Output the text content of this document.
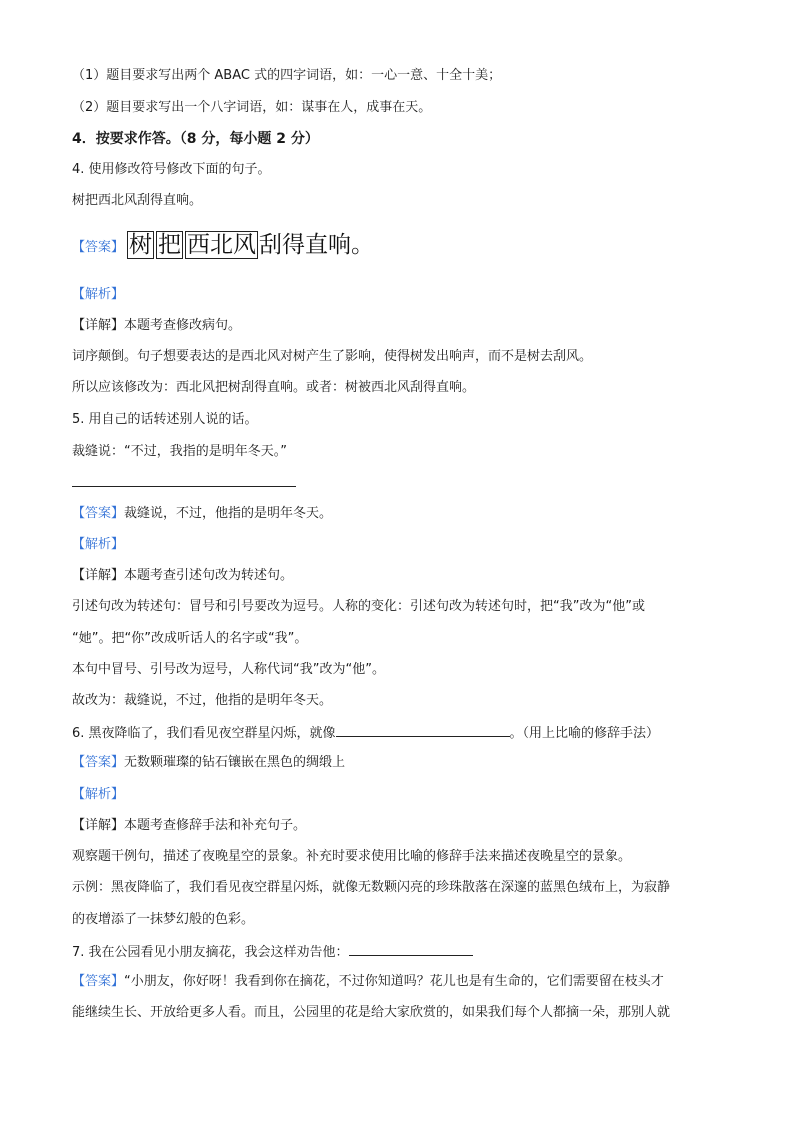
（1）题目要求写出两个 ABAC 式的四字词语，如：一心一意、十全十美；
（2）题目要求写出一个八字词语，如：谋事在人，成事在天。
4．按要求作答。（8 分，每小题 2 分）
4. 使用修改符号修改下面的句子。
树把西北风刮得直响。
【答案】 树 把 西北风 刮得直响。
【解析】
【详解】本题考查修改病句。
词序颠倒。句子想要表达的是西北风对树产生了影响，使得树发出响声，而不是树去刮风。
所以应该修改为：西北风把树刮得直响。或者：树被西北风刮得直响。
5. 用自己的话转述别人说的话。
裁缝说：“不过，我指的是明年冬天。”
【答案】裁缝说，不过，他指的是明年冬天。
【解析】
【详解】本题考查引述句改为转述句。
引述句改为转述句：冒号和引号要改为逗号。人称的变化：引述句改为转述句时，把“我”改为“他”或
“她”。把“你”改成听话人的名字或“我”。
本句中冒号、引号改为逗号，人称代词“我”改为“他”。
故改为：裁缝说，不过，他指的是明年冬天。
6. 黑夜降临了，我们看见夜空群星闪烁，就像	。（用上比喻的修辞手法）
【答案】无数颗璀璨的钻石镶嵌在黑色的绸缎上
【解析】
【详解】本题考查修辞手法和补充句子。
观察题干例句，描述了夜晚星空的景象。补充时要求使用比喻的修辞手法来描述夜晚星空的景象。
示例：黑夜降临了，我们看见夜空群星闪烁，就像无数颗闪亮的珍珠散落在深邃的蓝黑色绒布上，为寂静
的夜增添了一抹梦幻般的色彩。
7. 我在公园看见小朋友摘花，我会这样劝告他：
【答案】“小朋友，你好呀！我看到你在摘花，不过你知道吗？花儿也是有生命的，它们需要留在枝头才
能继续生长、开放给更多人看。而且，公园里的花是给大家欣赏的，如果我们每个人都摘一朵，那别人就
